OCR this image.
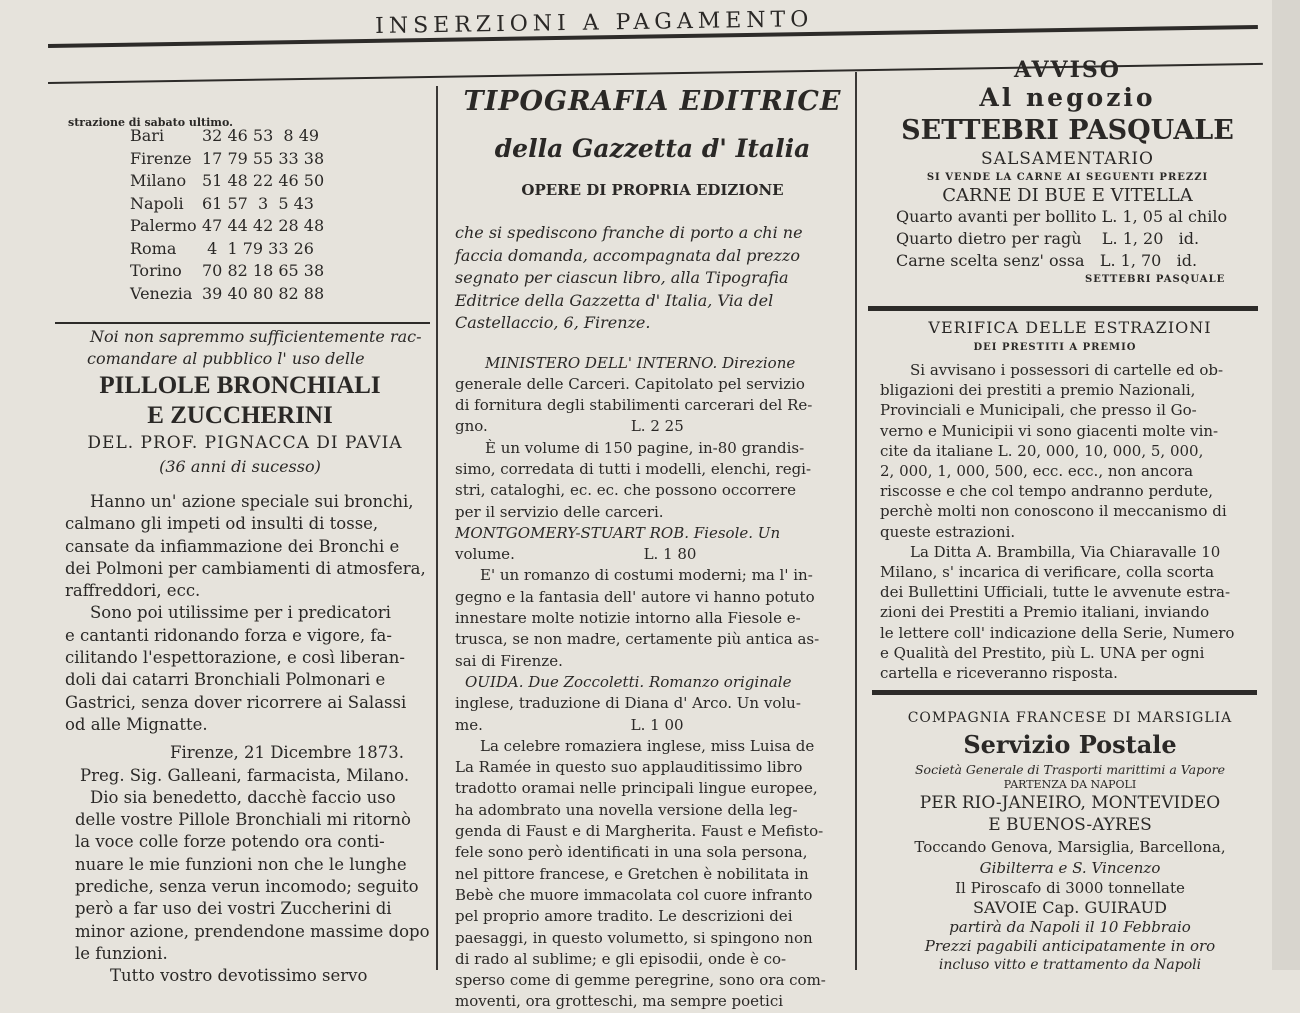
INSERZIONI A PAGAMENTO
strazione di sabato ultimo.
Bari 32 46 53  8 49
Firenze 17 79 55 33 38
Milano 51 48 22 46 50
Napoli 61 57  3  5 43
Palermo 47 44 42 28 48
Roma 4  1 79 33 26
Torino 70 82 18 65 38
Venezia 39 40 80 82 88
Noi non sapremmo sufficientemente rac-
comandare al pubblico l' uso delle
PILLOLE BRONCHIALI
E ZUCCHERINI
DEL. PROF. PIGNACCA DI PAVIA
(36 anni di sucesso)
Hanno un' azione speciale sui bronchi,
calmano gli impeti od insulti di tosse,
cansate da infiammazione dei Bronchi e
dei Polmoni per cambiamenti di atmosfera,
raffreddori, ecc.
Sono poi utilissime per i predicatori
e cantanti ridonando forza e vigore, fa-
cilitando l'espettorazione, e così liberan-
doli dai catarri Bronchiali Polmonari e
Gastrici, senza dover ricorrere ai Salassi
od alle Mignatte.
Firenze, 21 Dicembre 1873.
Preg. Sig. Galleani, farmacista, Milano.
Dio sia benedetto, dacchè faccio uso
delle vostre Pillole Bronchiali mi ritornò
la voce colle forze potendo ora conti-
nuare le mie funzioni non che le lunghe
prediche, senza verun incomodo; seguito
però a far uso dei vostri Zuccherini di
minor azione, prendendone massime dopo
le funzioni.
Tutto vostro devotissimo servo
TIPOGRAFIA EDITRICE
della Gazzetta d' Italia
OPERE DI PROPRIA EDIZIONE
che si spediscono franche di porto a chi ne
faccia domanda, accompagnata dal prezzo
segnato per ciascun libro, alla Tipografia
Editrice della Gazzetta d' Italia, Via del
Castellaccio, 6, Firenze.
MINISTERO DELL' INTERNO. Direzione
generale delle Carceri. Capitolato pel servizio
di fornitura degli stabilimenti carcerari del Re-
gno.                              L. 2 25
È un volume di 150 pagine, in-80 grandis-
simo, corredata di tutti i modelli, elenchi, regi-
stri, cataloghi, ec. ec. che possono occorrere
per il servizio delle carceri.
MONTGOMERY-STUART ROB. Fiesole. Un
volume.                           L. 1 80
E' un romanzo di costumi moderni; ma l' in-
gegno e la fantasia dell' autore vi hanno potuto
innestare molte notizie intorno alla Fiesole e-
trusca, se non madre, certamente più antica as-
sai di Firenze.
OUIDA. Due Zoccoletti. Romanzo originale
inglese, traduzione di Diana d' Arco. Un volu-
me.                               L. 1 00
La celebre romaziera inglese, miss Luisa de
La Ramée in questo suo applauditissimo libro
tradotto oramai nelle principali lingue europee,
ha adombrato una novella versione della leg-
genda di Faust e di Margherita. Faust e Mefisto-
fele sono però identificati in una sola persona,
nel pittore francese, e Gretchen è nobilitata in
Bebè che muore immacolata col cuore infranto
pel proprio amore tradito. Le descrizioni dei
paesaggi, in questo volumetto, si spingono non
di rado al sublime; e gli episodii, onde è co-
sperso come di gemme peregrine, sono ora com-
moventi, ora grotteschi, ma sempre poetici
AVVISO
Al negozio
SETTEBRI PASQUALE
SALSAMENTARIO
SI VENDE LA CARNE AI SEGUENTI PREZZI
CARNE DI BUE E VITELLA
Quarto avanti per bollito L. 1, 05 al chilo
Quarto dietro per ragù    L. 1, 20   id.
Carne scelta senz' ossa   L. 1, 70   id.
SETTEBRI PASQUALE
VERIFICA DELLE ESTRAZIONI
DEI PRESTITI A PREMIO
Si avvisano i possessori di cartelle ed ob-
bligazioni dei prestiti a premio Nazionali,
Provinciali e Municipali, che presso il Go-
verno e Municipii vi sono giacenti molte vin-
cite da italiane L. 20, 000, 10, 000, 5, 000,
2, 000, 1, 000, 500, ecc. ecc., non ancora
riscosse e che col tempo andranno perdute,
perchè molti non conoscono il meccanismo di
queste estrazioni.
La Ditta A. Brambilla, Via Chiaravalle 10
Milano, s' incarica di verificare, colla scorta
dei Bullettini Ufficiali, tutte le avvenute estra-
zioni dei Prestiti a Premio italiani, inviando
le lettere coll' indicazione della Serie, Numero
e Qualità del Prestito, più L. UNA per ogni
cartella e riceveranno risposta.
COMPAGNIA FRANCESE DI MARSIGLIA
Servizio Postale
Società Generale di Trasporti marittimi a Vapore
PARTENZA DA NAPOLI
PER RIO-JANEIRO, MONTEVIDEO
E BUENOS-AYRES
Toccando Genova, Marsiglia, Barcellona,
Gibilterra e S. Vincenzo
Il Piroscafo di 3000 tonnellate
SAVOIE Cap. GUIRAUD
partirà da Napoli il 10 Febbraio
Prezzi pagabili anticipatamente in oro
incluso vitto e trattamento da Napoli
